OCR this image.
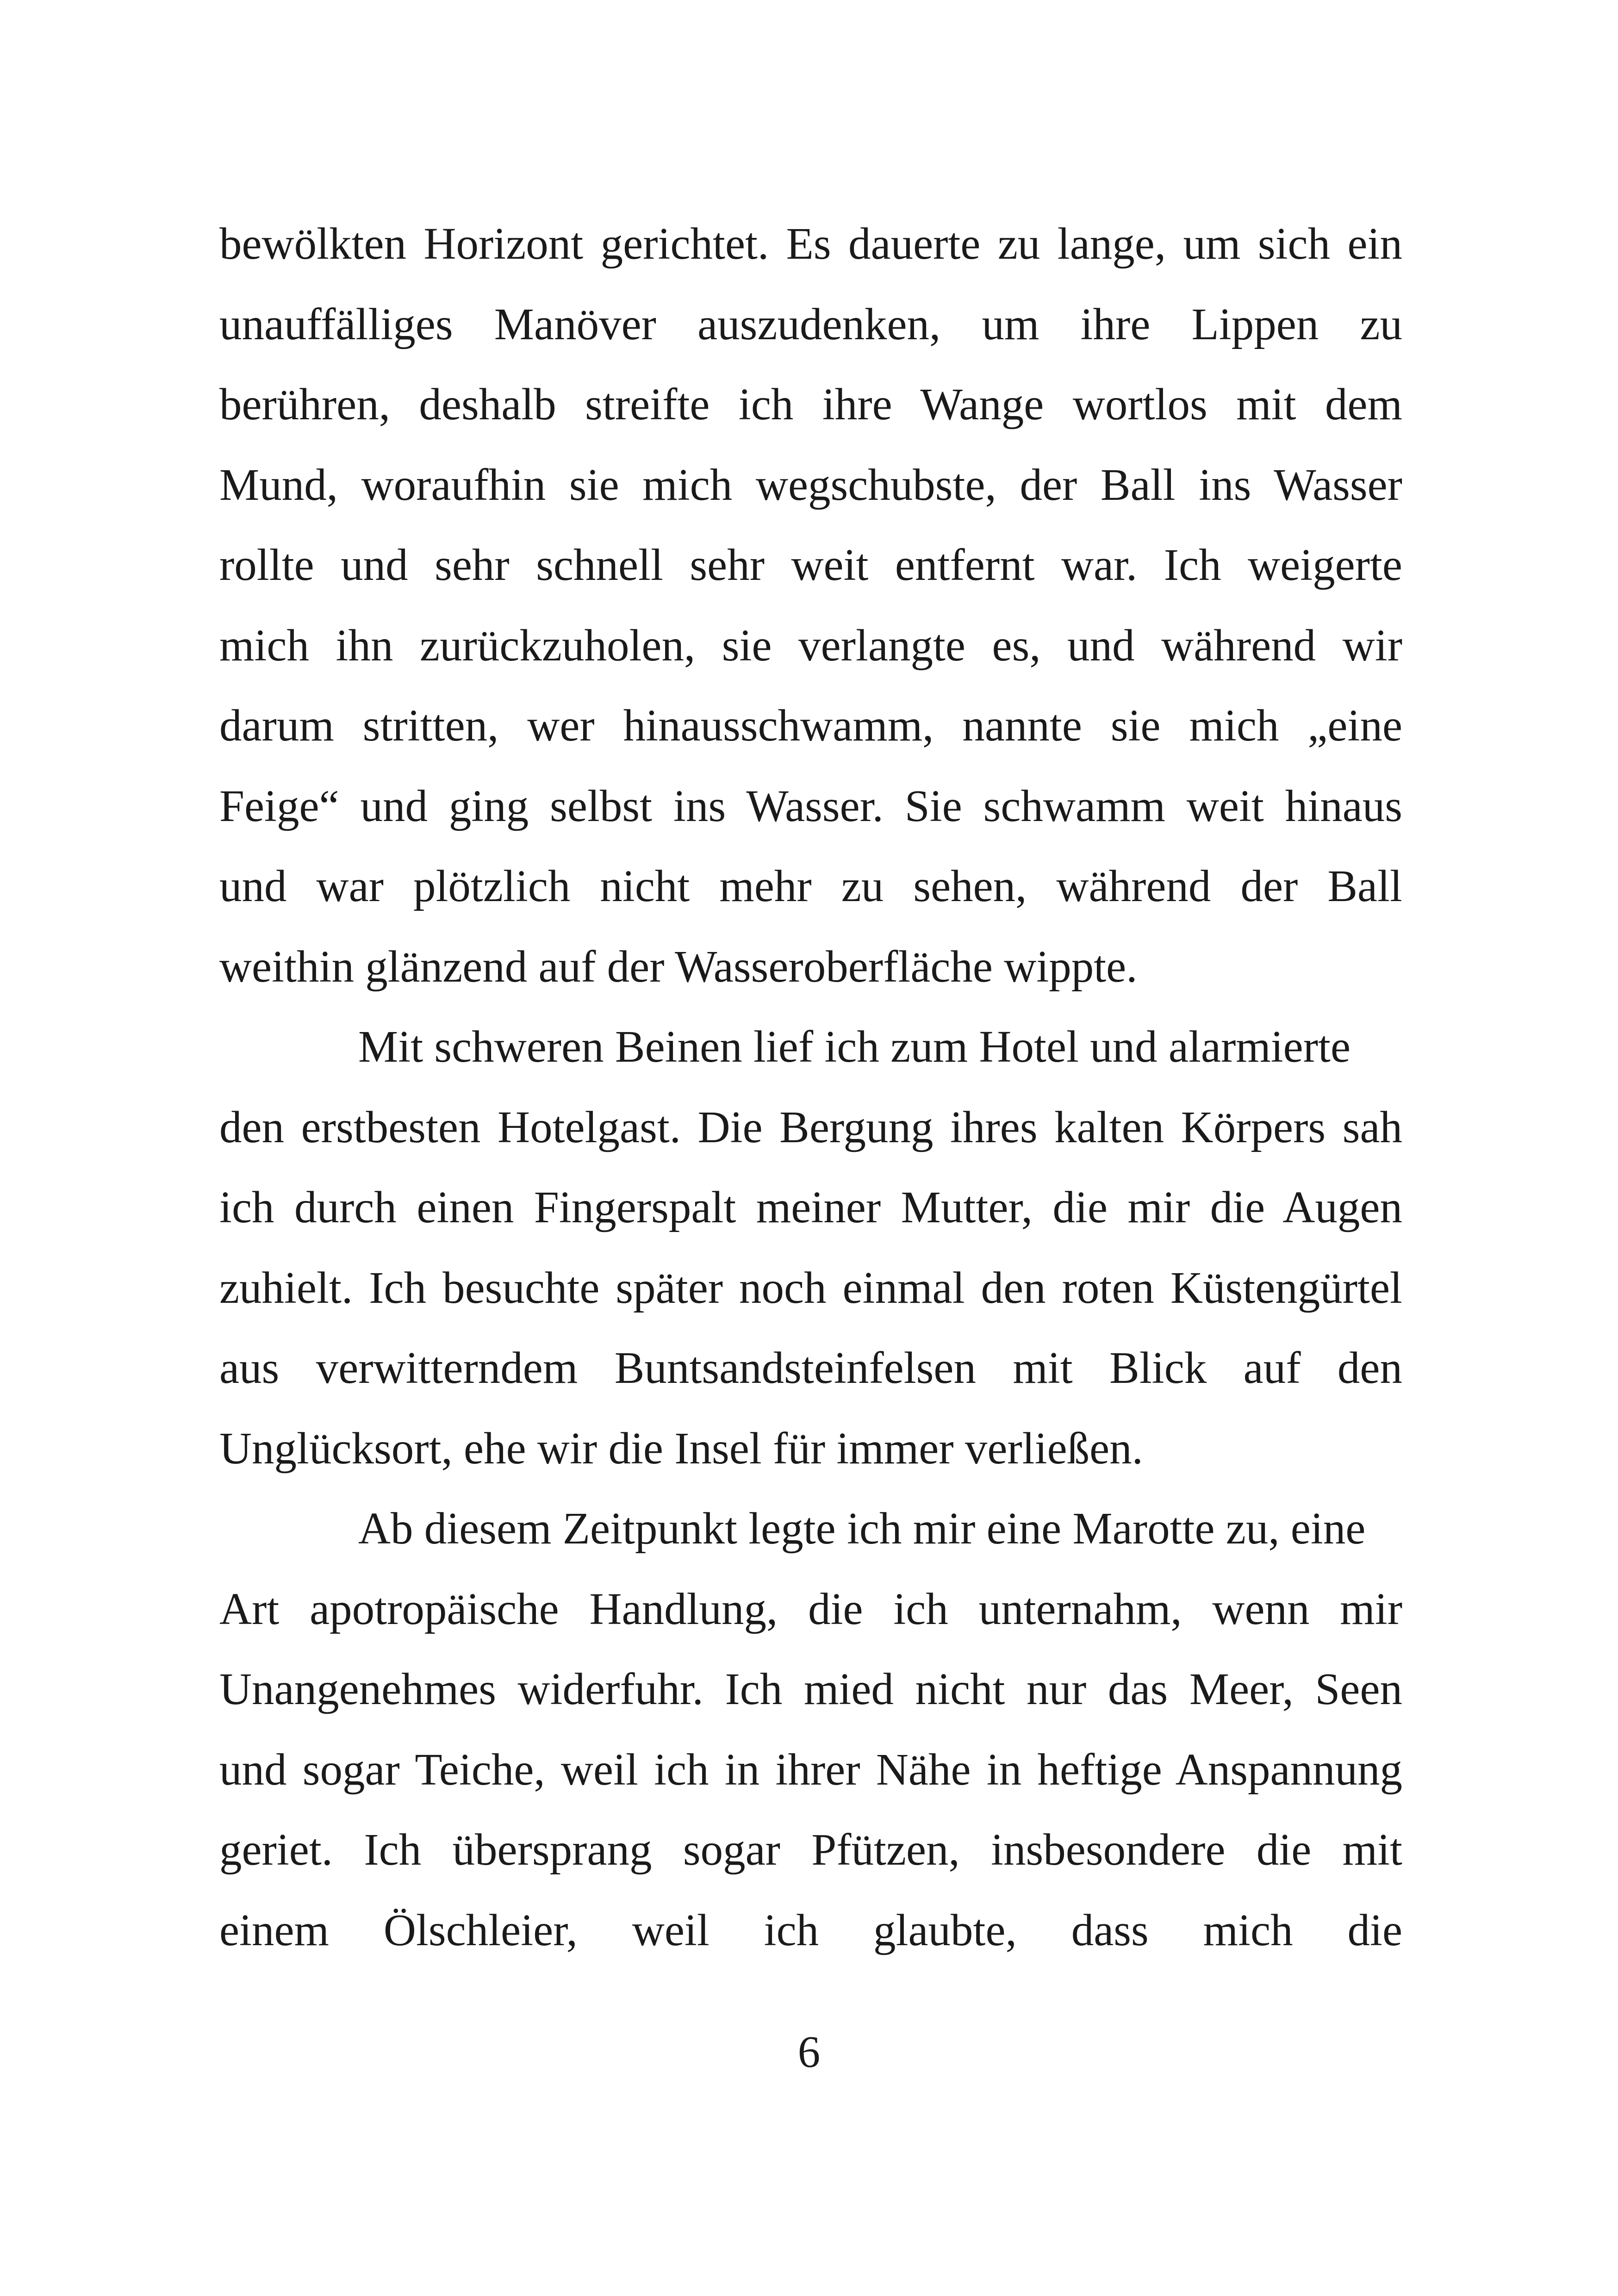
bewölkten Horizont gerichtet. Es dauerte zu lange, um sich ein
unauffälliges Manöver auszudenken, um ihre Lippen zu
berühren, deshalb streifte ich ihre Wange wortlos mit dem
Mund, woraufhin sie mich wegschubste, der Ball ins Wasser
rollte und sehr schnell sehr weit entfernt war. Ich weigerte
mich ihn zurückzuholen, sie verlangte es, und während wir
darum stritten, wer hinausschwamm, nannte sie mich „eine
Feige“ und ging selbst ins Wasser. Sie schwamm weit hinaus
und war plötzlich nicht mehr zu sehen, während der Ball
weithin glänzend auf der Wasseroberfläche wippte.
Mit schweren Beinen lief ich zum Hotel und alarmierte
den erstbesten Hotelgast. Die Bergung ihres kalten Körpers sah
ich durch einen Fingerspalt meiner Mutter, die mir die Augen
zuhielt. Ich besuchte später noch einmal den roten Küstengürtel
aus verwitterndem Buntsandsteinfelsen mit Blick auf den
Unglücksort, ehe wir die Insel für immer verließen.
Ab diesem Zeitpunkt legte ich mir eine Marotte zu, eine
Art apotropäische Handlung, die ich unternahm, wenn mir
Unangenehmes widerfuhr. Ich mied nicht nur das Meer, Seen
und sogar Teiche, weil ich in ihrer Nähe in heftige Anspannung
geriet. Ich übersprang sogar Pfützen, insbesondere die mit
einem Ölschleier, weil ich glaubte, dass mich die
6
